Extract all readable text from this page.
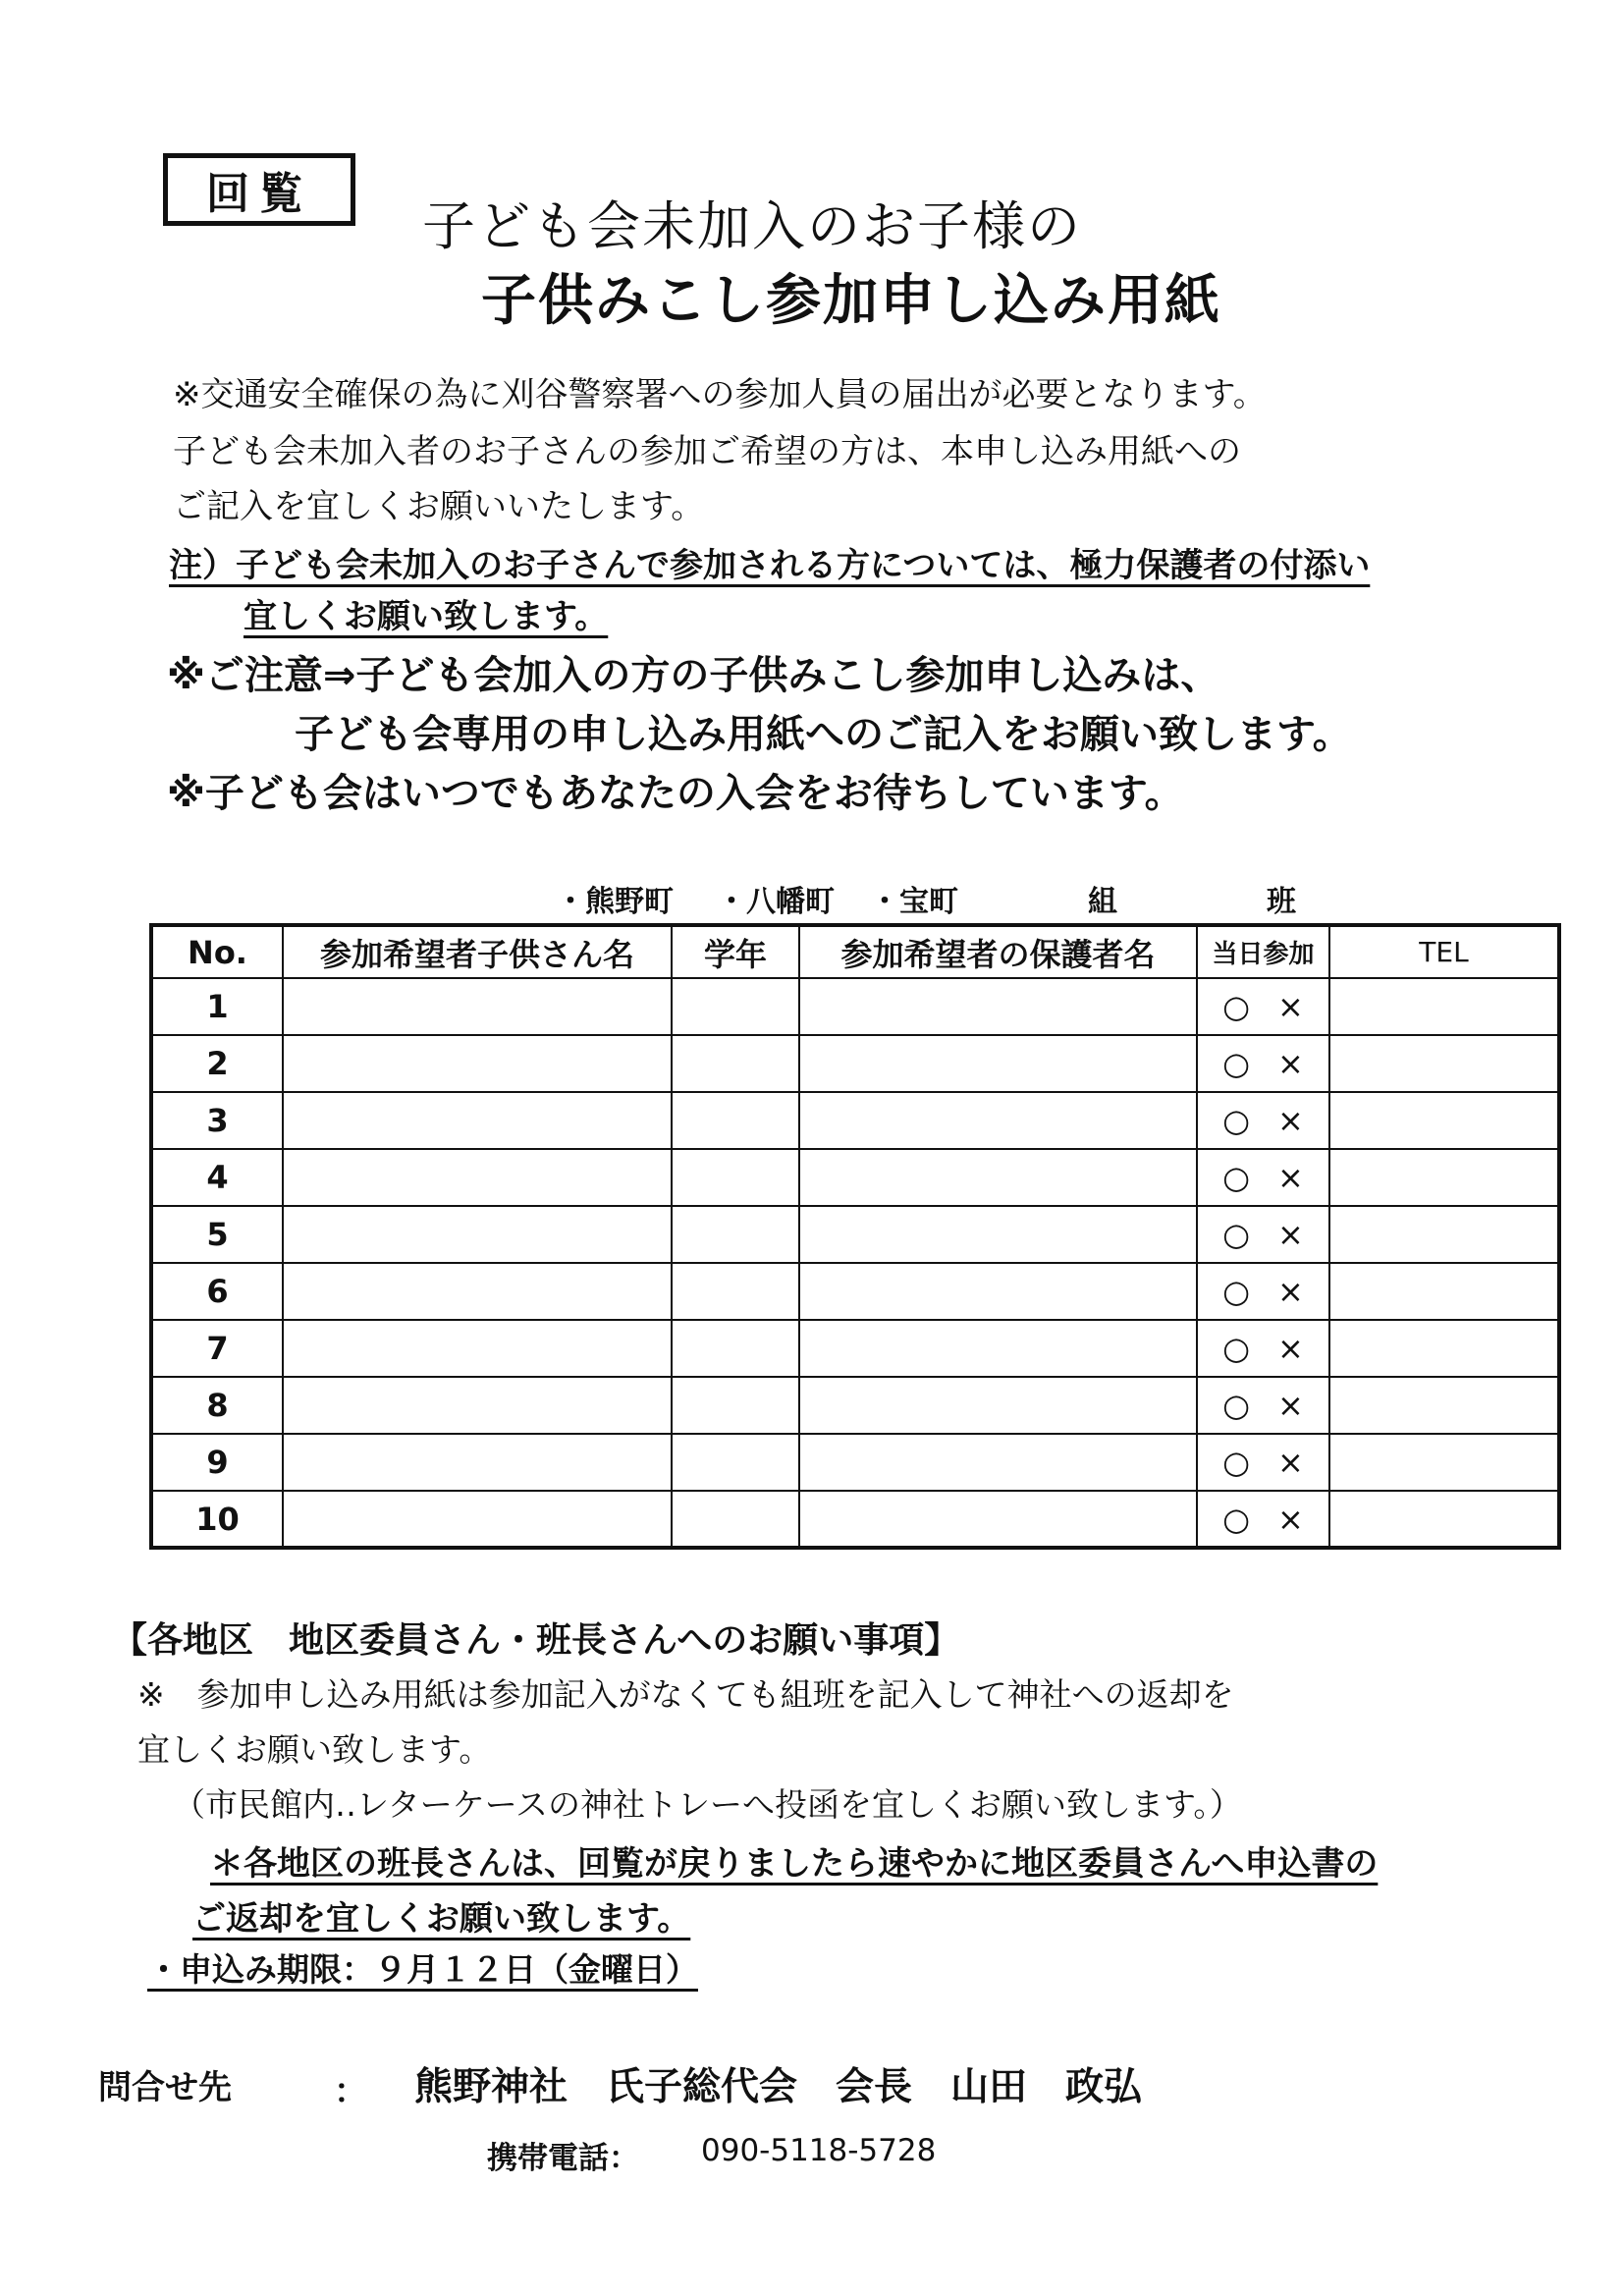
回覧
子ども会未加入のお子様の
子供みこし参加申し込み用紙
※交通安全確保の為に刈谷警察署への参加人員の届出が必要となります。
子ども会未加入者のお子さんの参加ご希望の方は、本申し込み用紙への
ご記入を宜しくお願いいたします。
注）子ども会未加入のお子さんで参加される方については、極力保護者の付添い
宜しくお願い致します。
※ご注意⇒子ども会加入の方の子供みこし参加申し込みは、
子ども会専用の申し込み用紙へのご記入をお願い致します。
※子ども会はいつでもあなたの入会をお待ちしています。
・熊野町 ・八幡町 ・宝町	組	班
No.	参加希望者子供さん名	学年	参加希望者の保護者名	当日参加	TEL
1				○ ×	
2				○ ×	
3				○ ×	
4				○ ×	
5				○ ×	
6				○ ×	
7				○ ×	
8				○ ×	
9				○ ×	
10				○ ×	
【各地区　地区委員さん・班長さんへのお願い事項】
※　参加申し込み用紙は参加記入がなくても組班を記入して神社への返却を
宜しくお願い致します。
（市民館内‥レターケースの神社トレーへ投函を宜しくお願い致します。）
＊各地区の班長さんは、回覧が戻りましたら速やかに地区委員さんへ申込書の
ご返却を宜しくお願い致します。
・申込み期限：９月１２日（金曜日）
問合せ先	： 熊野神社　氏子総代会　会長　山田　政弘
携帯電話： 090-5118-5728
